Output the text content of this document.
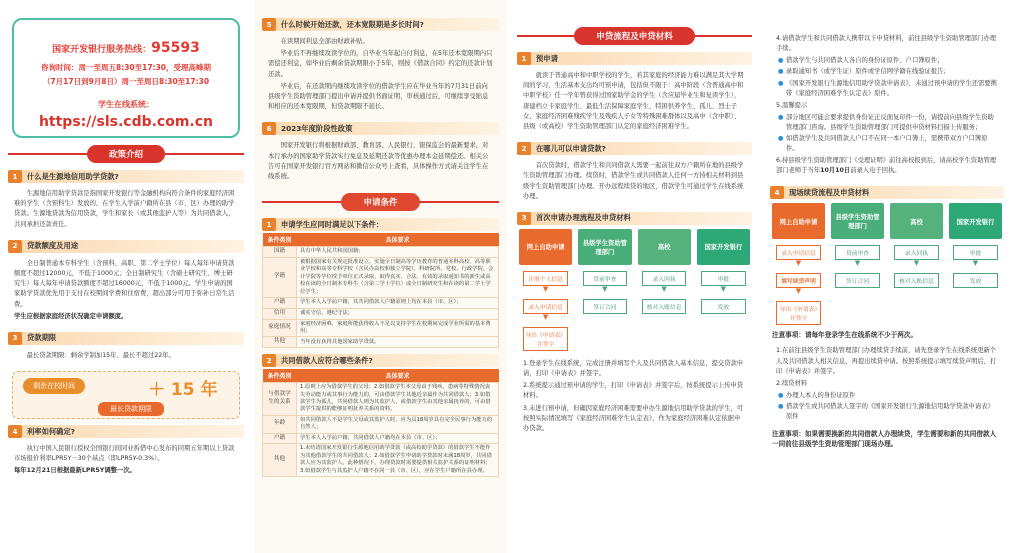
国家开发银行服务热线：95593
咨询时间：周一至周五8:30至17:30，受理高峰期
（7月17日到9月8日）周一至周日8:30至17:30
学生在线系统：
https://sls.cdb.com.cn
政策介绍
1	什么是生源地信用助学贷款?

生源地信用助学贷款是指国家开发银行等金融机构向符合条件的家庭经济困难的学生（含预科生）发放的，在学生入学前户籍所在县（市、区）办理的助学贷款。生源地贷款为信用贷款，学生和家长（或其他监护人等）为共同借款人，共同承担还款责任。

2	贷款额度及用途

全日制普通本专科学生（含预科、高职、第二学士学位）每人每年申请贷款额度不超过12000元，不低于1000元；全日制研究生（含硕士研究生、博士研究生）每人每年申请贷款额度不超过16000元，不低于1000元。学生申请的国家助学贷款优先用于支付在校期间学费和住宿费，超出部分可用于弥补日常生活费。

学生应根据家庭经济状况确定申请额度。

3	贷款期限

最长贷款期限：剩余学制加15年、最长不超过22年。

剩余在校时间	＋ 15 年
最长贷款期限
4	利率如何确定?

执行中国人民银行授权全国银行间同业拆借中心发布的同期五年期以上贷款市场报价利率LPR5Y－30个基点（即LPR5Y-0.3%）。

每年12月21日根据最新LPR5Y调整一次。

5	什么时候开始还款，还本宽限期是多长时间?

在读期间利息全部由财政补贴。

毕业后不再继续攻读学位的，自毕业当年起自付利息，在5年还本宽限期内只需偿还利息，如毕业后剩余贷款期限小于5年，则按《借款合同》约定的还款计划还款。

毕业后，在还款期内继续攻读学位的借款学生应在毕业当年的7月31日前向县级学生资助管理部门提出申请并提供书面证明，审核通过后，可继续享受贴息和相应的还本宽限期，但贷款期限不延长。

6	2023年度阶段性政策

国家开发银行将根据财政部、教育部、人民银行、银保监会的最新要求，对本行承办的国家助学贷款实行免息及延期还款等优惠办理本金延期偿还。相关公告可在国家开发银行官方网站和微信公众号上查看，具体操作方式请关注学生在线系统。

申请条件
1	申请学生应同时满足以下条件：
条件类别	具体要求
国籍	具有中华人民共和国国籍；
学籍	被根据国家有关规定批准设立、实施全日制高等学历教育的普通本科高校、高等职业学校和高等专科学校（含民办高校和独立学院），科研院所、党校、行政学院、会计学院等学位授予单位正式录取，取得真实、合法、有效的录取通知书的新生或高校在读的全日制本专科生（含第二学士学位）或全日制研究生和在读的第二学士学位学生；
户籍	学生本人入学前户籍，其共同借款人户籍原则上均在本县（市、区）；
信用	诚实守信，遵纪守法；
家庭情况	家庭经济困难，家庭所能获得收入不足以支持学生在校期间完成学业所需的基本费用；
其他	当年没有获得其他国家助学贷款。
2	共同借款人应符合哪些条件?
条件类别	具体要求
与借款学生的关系	1.原则上应为借款学生的父母；2.如借款学生本父母由于残疾、患病等特殊情况丧失劳动能力或其事行为能力的，可由借款学生其他近亲属作为共同借款人；3.如借款学生为孤儿，共同借款人则为其监护人，或借款学生由其他亲属抚养的，可由借款学生提供的能够证明抚养关系的资料。
年龄	如共同借款人不是学生父母或其监护人时，应为具18周岁具有完全民事行为能力的自然人；
户籍	学生本人入学前户籍，共同借款人户籍均在本县（市、区）；
其他	1.未结清国家开发银行生源地信用助学贷款（或高校助学贷款）的借款学生不能作为其他借款学生的共同借款人；2.如借款学生申请助学贷款时未满18周岁，共同借款人应为其监护人，此种情况下，办理贷款时需要提供相关监护关系的证明材料；3.如借款学生与其监护人户籍不在同一县（市、区），应在学生户籍所在县办理。
申贷流程及申贷材料
1	预申请

就读于普通高中和中职学校的学生，若其家庭的经济能力难以满足其大学期间的学习、生活基本支出均可预申请，包括但不限于：高中阶段（含普通高中和中职学校）任一学年曾获得过国家助学金的学生（含应届毕业生和复读学生），唐建档立卡家庭学生、最低生活保障家庭学生、特困供养学生、孤儿、烈士子女、家庭经济困难残疾学生及残疾人子女等特殊困难群体以及高中（含中职）、县级（或高校）学生资助管理部门认定的家庭经济困难学生。

2	在哪儿可以申请贷款?

首次贷款时，借款学生和共同借款人需要一起前往双方户籍所在地的县级学生资助管理部门办理。续贷时，借款学生或共同借款人任何一方持相关材料到县级学生资助管理部门办理。开办远程续贷的地区，借款学生可通过学生在线系统办理。

3	首次申请办理流程及申贷材料
网上自助申请
注册个人信息
▼
录入申请信息
▼
导出《申请表》并签字
县级学生资助管理部门
贷前审查
▼
签订合同
高校
录入回执
▼
核对入账信息
国家开发银行
审批
▼
发放

1.登录学生在线系统，完成注册并填写个人及共同借款人基本信息，提交贷款申请，打印《申请表》并签字。

2.系统提示通过预申请的学生，打印《申请表》并签字后，按系统提示上传申贷材料。

3.未进行预申请，但确因家庭经济困难需要申办生源地信用助学贷款的学生，可按照实际情况填写《家庭经济困难学生认定表》，作为家庭经济困难认定依据申办贷款。

4.请借款学生和共同借款人携带以下申贷材料，前往县级学生资助管理部门办理手续。

● 借款学生与共同借款人各自的身份证原件、户口簿原件；
● 录取通知书（或学生证）原件或学信网学籍在线验证报告；
● 《国家开发银行生源地信用助学贷款申请表》，未通过预申请的学生还需要携带《家庭经济困难学生认定表》原件。

5.温馨提示

● 部分地区可能会要求提供身份证正反面复印件一份，请提前向县级学生资助管理部门咨询。县级学生资助管理部门可提供申贷材料扫描上传服务；
● 如借款学生及共同借款人户口不在同一本户口簿上，需携带双方户口簿原件。

6.持县级学生资助管理部门《受理证明》前往高校报到后，请高校学生资助管理部门老师于当年10月10日前录入电子回执。

4	现场续贷流程及申贷材料
网上自助申请
录入申请信息
▼
填写续贷声明
▼
导出《申请表》并签字
县级学生资助管理部门
贷前审查
▼
签订合同
高校
录入回执
▼
核对入账信息
国家开发银行
审批
▼
发放
注意事项：请每年登录学生在线系统不少于两次。

1.在前往县级学生资助管理部门办理续贷手续前，请先登录学生在线系统更新个人及共同借款人相关信息，再提出续贷申请。按照系统提示填写续贷声明后，打印《申请表》并签字。

2.续贷材料

● 办理人本人的身份证原件
● 借款学生或共同借款人签字的《国家开发银行生源地信用助学贷款申请表》原件
注意事项：如果需要换新的共同借款人办理续贷，学生需要和新的共同借款人一同前往县级学生资助管理部门现场办理。
